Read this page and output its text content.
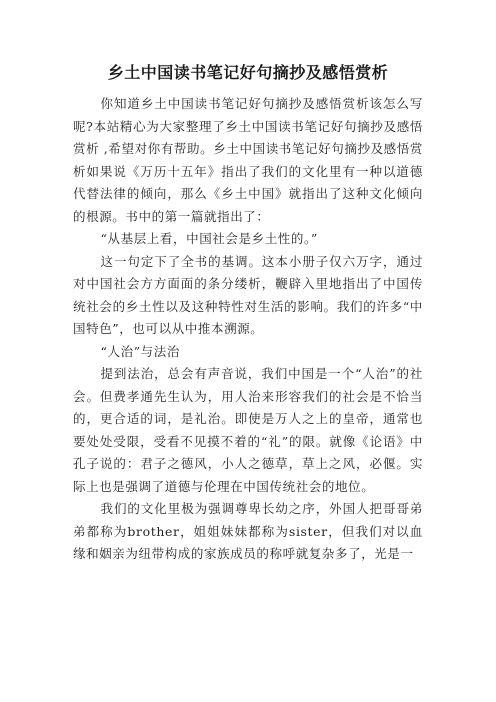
乡土中国读书笔记好句摘抄及感悟赏析

你知道乡土中国读书笔记好句摘抄及感悟赏析该怎么写呢?本站精心为大家整理了乡土中国读书笔记好句摘抄及感悟赏析 ,希望对你有帮助。乡土中国读书笔记好句摘抄及感悟赏析如果说《万历十五年》指出了我们的文化里有一种以道德代替法律的倾向，那么《乡土中国》就指出了这种文化倾向的根源。书中的第一篇就指出了：

“从基层上看，中国社会是乡土性的。”

这一句定下了全书的基调。这本小册子仅六万字，通过对中国社会方方面面的条分缕析，鞭辟入里地指出了中国传统社会的乡土性以及这种特性对生活的影响。我们的许多“中国特色”，也可以从中推本溯源。

“人治”与法治

提到法治，总会有声音说，我们中国是一个“人治”的社会。但费孝通先生认为，用人治来形容我们的社会是不恰当的，更合适的词，是礼治。即使是万人之上的皇帝，通常也要处处受限，受看不见摸不着的“礼”的限。就像《论语》中孔子说的：君子之德风，小人之德草，草上之风，必偃。实际上也是强调了道德与伦理在中国传统社会的地位。

我们的文化里极为强调尊卑长幼之序，外国人把哥哥弟弟都称为brother，姐姐妹妹都称为sister，但我们对以血缘和姻亲为纽带构成的家族成员的称呼就复杂多了，光是一
